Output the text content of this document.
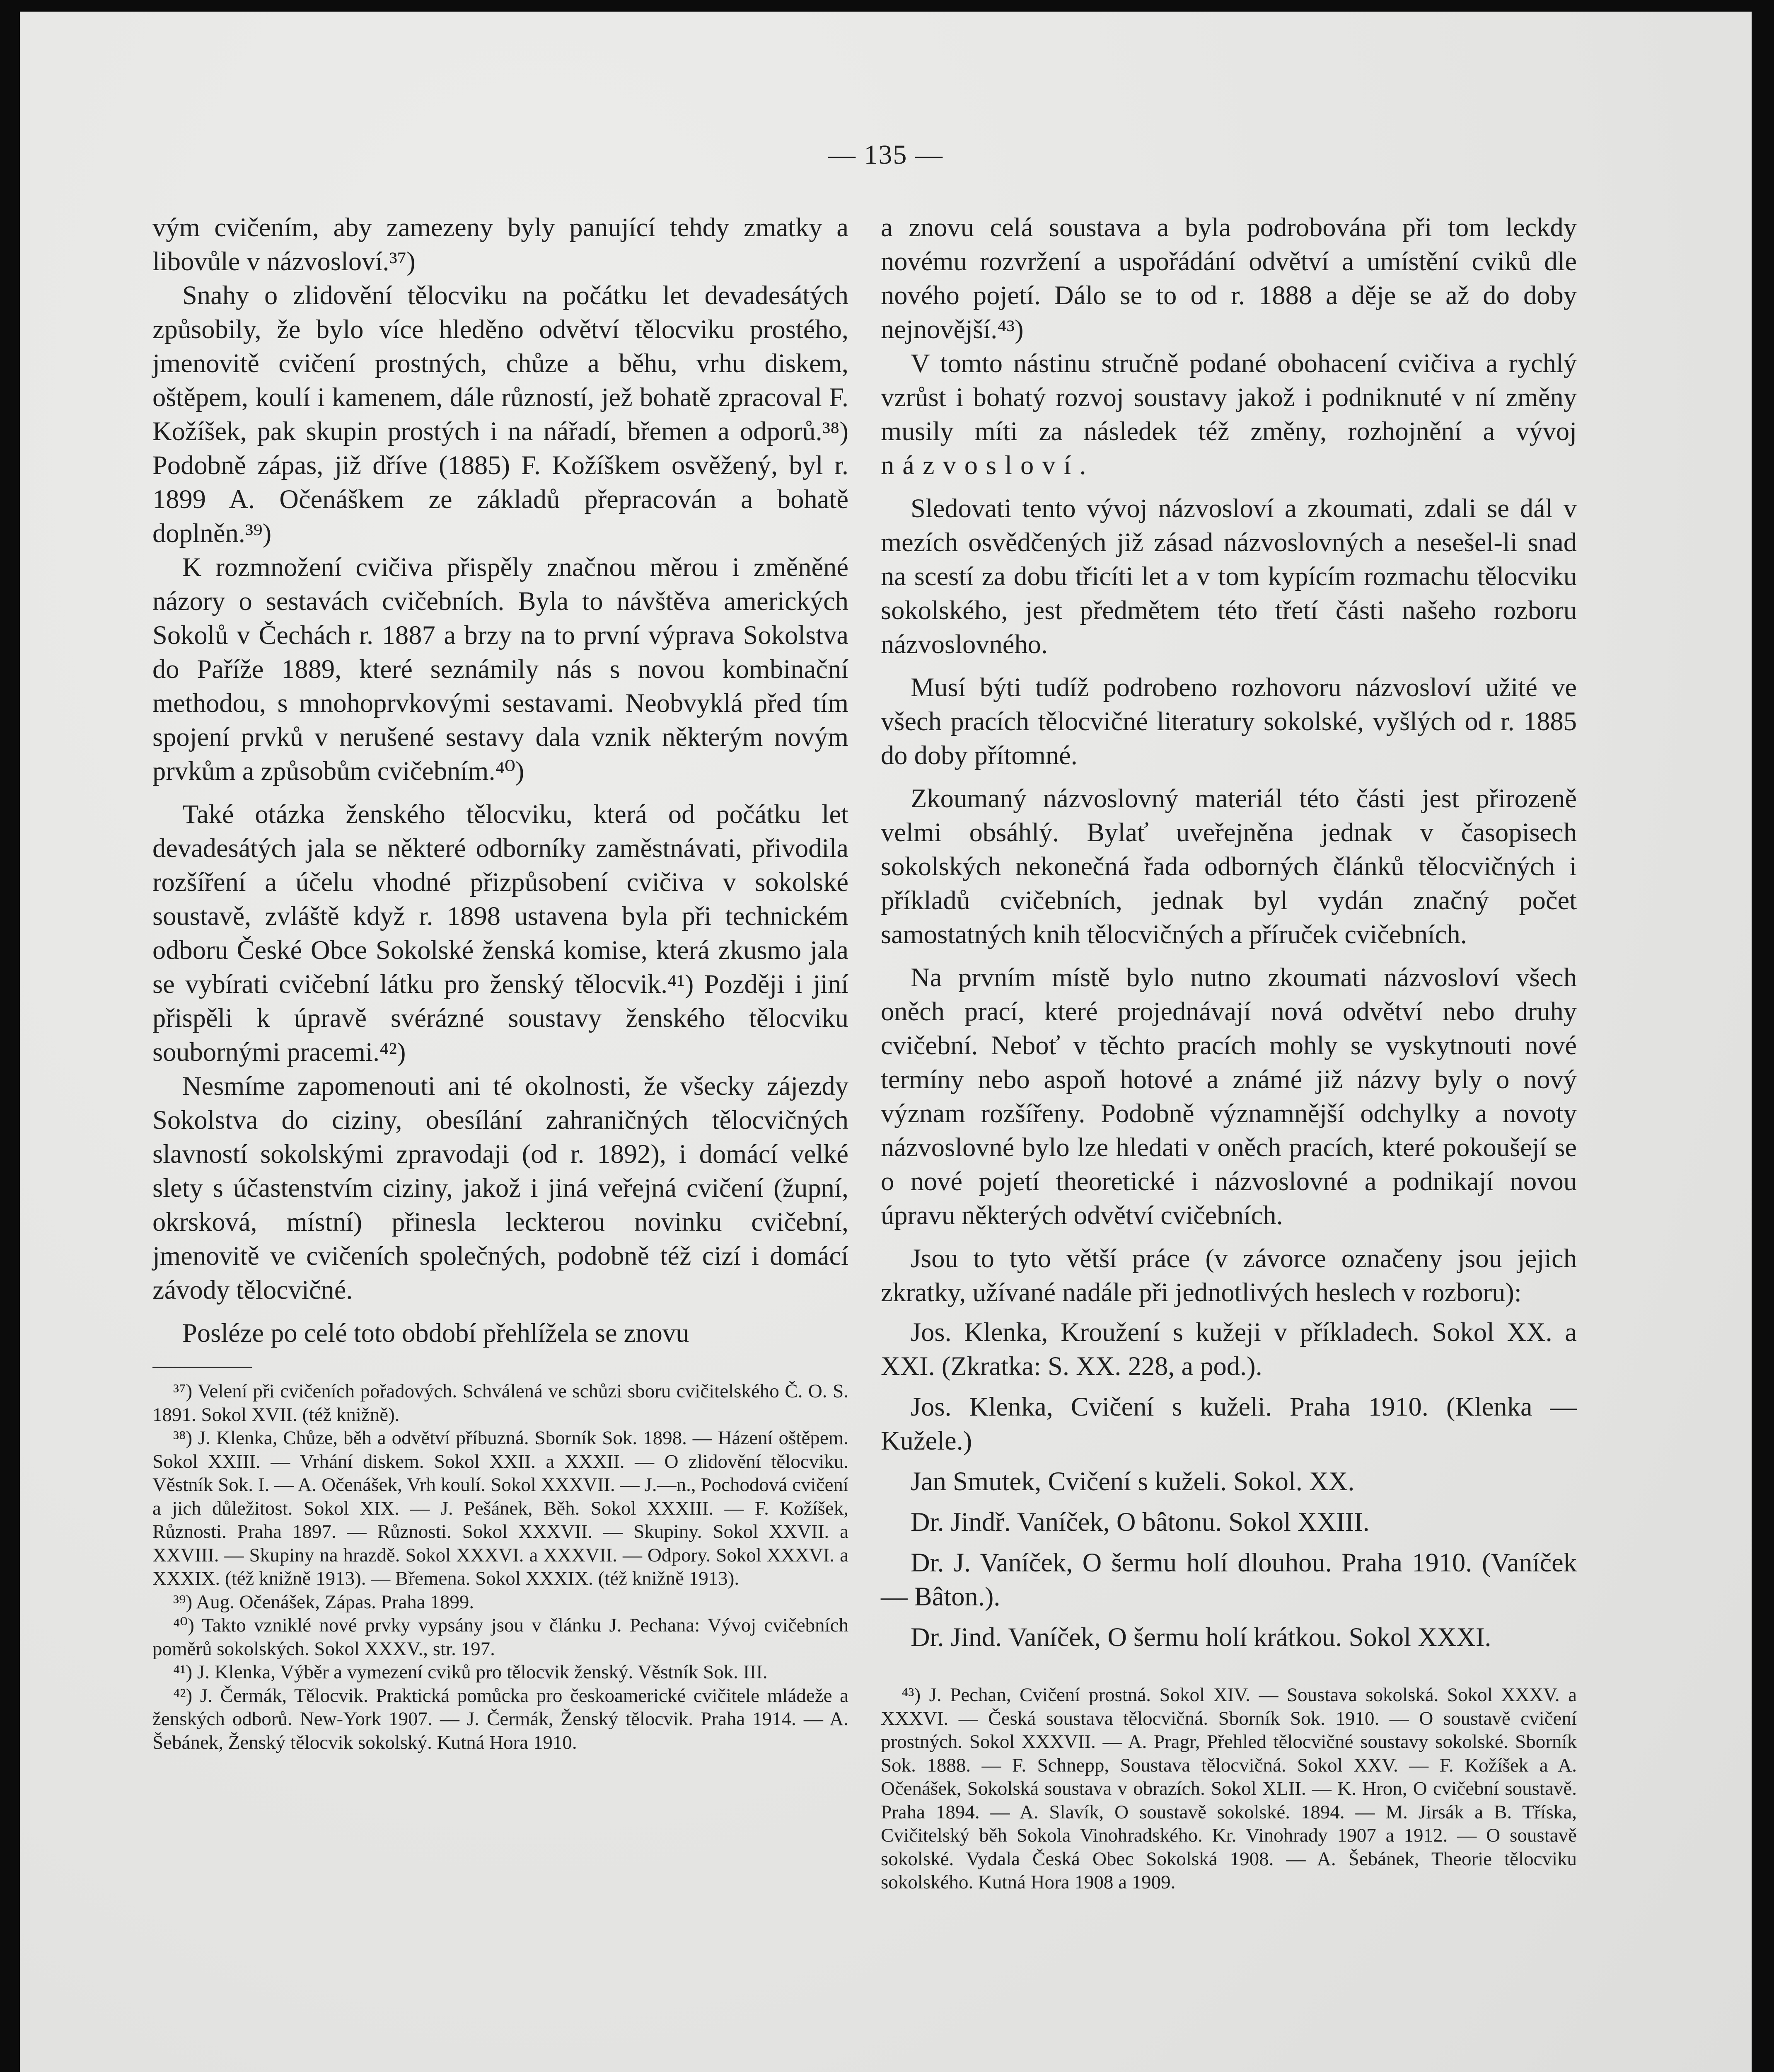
— 135 —

vým cvičením, aby zamezeny byly panující tehdy zmatky a libovůle v názvosloví.³⁷)

Snahy o zlidovění tělocviku na počátku let devadesátých způsobily, že bylo více hleděno odvětví tělocviku prostého, jmenovitě cvičení prostných, chůze a běhu, vrhu diskem, oštěpem, koulí i kamenem, dále růzností, jež bohatě zpracoval F. Kožíšek, pak skupin prostých i na nářadí, břemen a odporů.³⁸) Podobně zápas, již dříve (1885) F. Kožíškem osvěžený, byl r. 1899 A. Očenáškem ze základů přepracován a bohatě doplněn.³⁹)

K rozmnožení cvičiva přispěly značnou měrou i změněné názory o sestavách cvičebních. Byla to návštěva amerických Sokolů v Čechách r. 1887 a brzy na to první výprava Sokolstva do Paříže 1889, které seznámily nás s novou kombinační methodou, s mnohoprvkovými sestavami. Neobvyklá před tím spojení prvků v nerušené sestavy dala vznik některým novým prvkům a způsobům cvičebním.⁴⁰)

Také otázka ženského tělocviku, která od počátku let devadesátých jala se některé odborníky zaměstnávati, přivodila rozšíření a účelu vhodné přizpůsobení cvičiva v sokolské soustavě, zvláště když r. 1898 ustavena byla při technickém odboru České Obce Sokolské ženská komise, která zkusmo jala se vybírati cvičební látku pro ženský tělocvik.⁴¹) Později i jiní přispěli k úpravě svérázné soustavy ženského tělocviku soubornými pracemi.⁴²)

Nesmíme zapomenouti ani té okolnosti, že všecky zájezdy Sokolstva do ciziny, obesílání zahraničných tělocvičných slavností sokolskými zpravodaji (od r. 1892), i domácí velké slety s účastenstvím ciziny, jakož i jiná veřejná cvičení (župní, okrsková, místní) přinesla leckterou novinku cvičební, jmenovitě ve cvičeních společných, podobně též cizí i domácí závody tělocvičné.

Posléze po celé toto období přehlížela se znovu

³⁷) Velení při cvičeních pořadových. Schválená ve schůzi sboru cvičitelského Č. O. S. 1891. Sokol XVII. (též knižně).

³⁸) J. Klenka, Chůze, běh a odvětví příbuzná. Sborník Sok. 1898. — Házení oštěpem. Sokol XXIII. — Vrhání diskem. Sokol XXII. a XXXII. — O zlidovění tělocviku. Věstník Sok. I. — A. Očenášek, Vrh koulí. Sokol XXXVII. — J.—n., Pochodová cvičení a jich důležitost. Sokol XIX. — J. Pešánek, Běh. Sokol XXXIII. — F. Kožíšek, Různosti. Praha 1897. — Různosti. Sokol XXXVII. — Skupiny. Sokol XXVII. a XXVIII. — Skupiny na hrazdě. Sokol XXXVI. a XXXVII. — Odpory. Sokol XXXVI. a XXXIX. (též knižně 1913). — Břemena. Sokol XXXIX. (též knižně 1913).

³⁹) Aug. Očenášek, Zápas. Praha 1899.

⁴⁰) Takto vzniklé nové prvky vypsány jsou v článku J. Pechana: Vývoj cvičebních poměrů sokolských. Sokol XXXV., str. 197.

⁴¹) J. Klenka, Výběr a vymezení cviků pro tělocvik ženský. Věstník Sok. III.

⁴²) J. Čermák, Tělocvik. Praktická pomůcka pro českoamerické cvičitele mládeže a ženských odborů. New-York 1907. — J. Čermák, Ženský tělocvik. Praha 1914. — A. Šebánek, Ženský tělocvik sokolský. Kutná Hora 1910.

a znovu celá soustava a byla podrobována při tom leckdy novému rozvržení a uspořádání odvětví a umístění cviků dle nového pojetí. Dálo se to od r. 1888 a děje se až do doby nejnovější.⁴³)

V tomto nástinu stručně podané obohacení cvičiva a rychlý vzrůst i bohatý rozvoj soustavy jakož i podniknuté v ní změny musily míti za následek též změny, rozhojnění a vývoj názvosloví.

Sledovati tento vývoj názvosloví a zkoumati, zdali se dál v mezích osvědčených již zásad názvoslovných a nesešel-li snad na scestí za dobu třicíti let a v tom kypícím rozmachu tělocviku sokolského, jest předmětem této třetí části našeho rozboru názvoslovného.

Musí býti tudíž podrobeno rozhovoru názvosloví užité ve všech pracích tělocvičné literatury sokolské, vyšlých od r. 1885 do doby přítomné.

Zkoumaný názvoslovný materiál této části jest přirozeně velmi obsáhlý. Bylať uveřejněna jednak v časopisech sokolských nekonečná řada odborných článků tělocvičných i příkladů cvičebních, jednak byl vydán značný počet samostatných knih tělocvičných a příruček cvičebních.

Na prvním místě bylo nutno zkoumati názvosloví všech oněch prací, které projednávají nová odvětví nebo druhy cvičební. Neboť v těchto pracích mohly se vyskytnouti nové termíny nebo aspoň hotové a známé již názvy byly o nový význam rozšířeny. Podobně významnější odchylky a novoty názvoslovné bylo lze hledati v oněch pracích, které pokoušejí se o nové pojetí theoretické i názvoslovné a podnikají novou úpravu některých odvětví cvičebních.

Jsou to tyto větší práce (v závorce označeny jsou jejich zkratky, užívané nadále při jednotlivých heslech v rozboru):

Jos. Klenka, Kroužení s kužeji v příkladech. Sokol XX. a XXI. (Zkratka: S. XX. 228, a pod.).

Jos. Klenka, Cvičení s kuželi. Praha 1910. (Klenka — Kužele.)

Jan Smutek, Cvičení s kuželi. Sokol. XX.

Dr. Jindř. Vaníček, O bâtonu. Sokol XXIII.

Dr. J. Vaníček, O šermu holí dlouhou. Praha 1910. (Vaníček — Bâton.).

Dr. Jind. Vaníček, O šermu holí krátkou. Sokol XXXI.

⁴³) J. Pechan, Cvičení prostná. Sokol XIV. — Soustava sokolská. Sokol XXXV. a XXXVI. — Česká soustava tělocvičná. Sborník Sok. 1910. — O soustavě cvičení prostných. Sokol XXXVII. — A. Pragr, Přehled tělocvičné soustavy sokolské. Sborník Sok. 1888. — F. Schnepp, Soustava tělocvičná. Sokol XXV. — F. Kožíšek a A. Očenášek, Sokolská soustava v obrazích. Sokol XLII. — K. Hron, O cvičební soustavě. Praha 1894. — A. Slavík, O soustavě sokolské. 1894. — M. Jirsák a B. Tříska, Cvičitelský běh Sokola Vinohradského. Kr. Vinohrady 1907 a 1912. — O soustavě sokolské. Vydala Česká Obec Sokolská 1908. — A. Šebánek, Theorie tělocviku sokolského. Kutná Hora 1908 a 1909.
